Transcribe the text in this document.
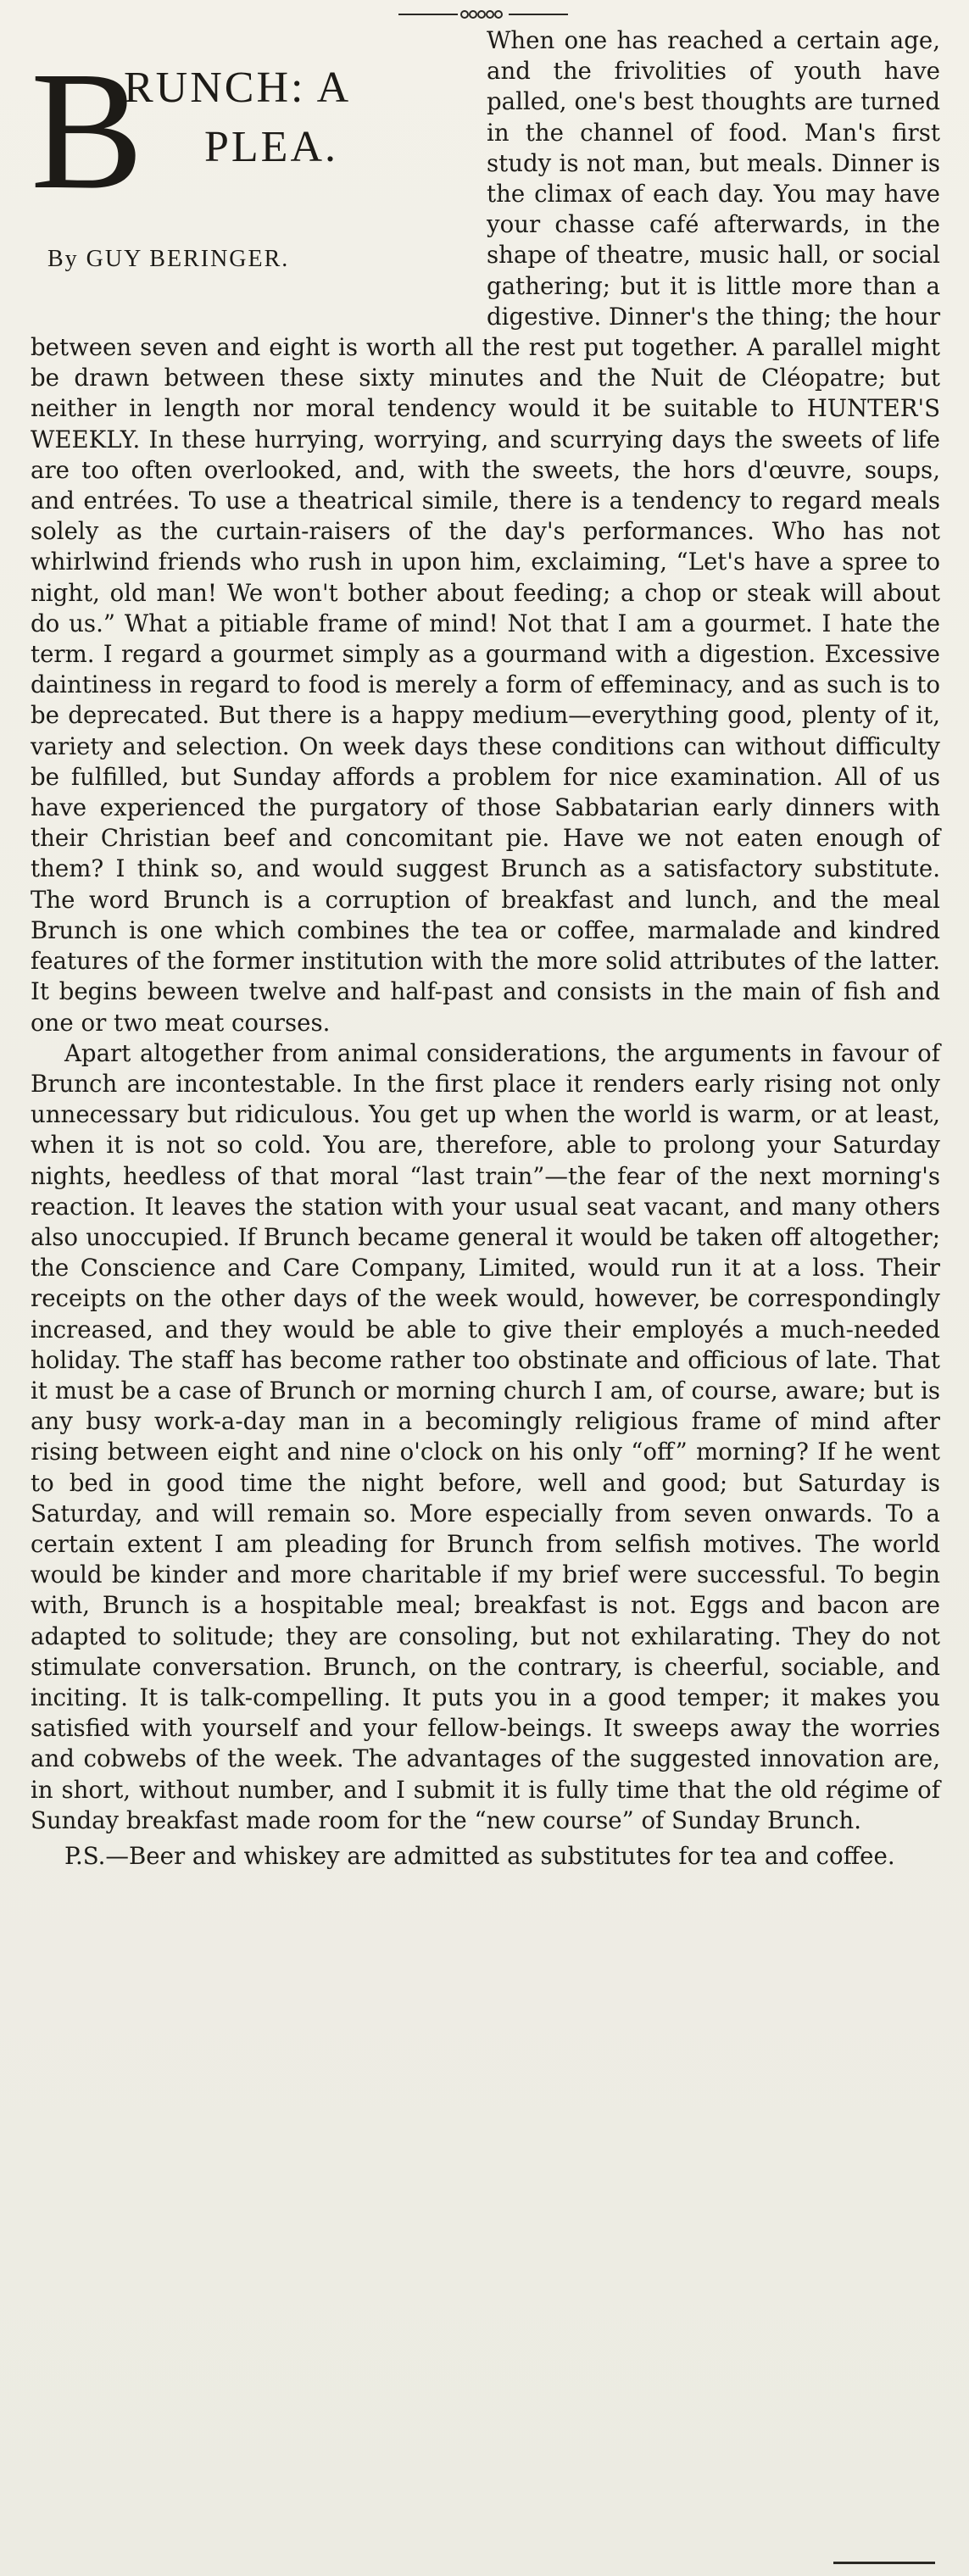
B
RUNCH: A
PLEA.
By GUY BERINGER.

When one has reached a certain age, and the frivolities of youth have palled, one's best thoughts are turned in the channel of food. Man's first study is not man, but meals. Dinner is the climax of each day. You may have your chasse café afterwards, in the shape of theatre, music hall, or social gathering; but it is little more than a digestive. Dinner's the thing; the hour between seven and eight is worth all the rest put together. A parallel might be drawn between these sixty minutes and the Nuit de Cléopatre; but neither in length nor moral tendency would it be suitable to HUNTER'S WEEKLY. In these hurrying, worrying, and scurrying days the sweets of life are too often overlooked, and, with the sweets, the hors d'œuvre, soups, and entrées. To use a theatrical simile, there is a tendency to regard meals solely as the curtain-raisers of the day's performances. Who has not whirlwind friends who rush in upon him, exclaiming, “Let's have a spree to night, old man! We won't bother about feeding; a chop or steak will about do us.” What a pitiable frame of mind! Not that I am a gourmet. I hate the term. I regard a gourmet simply as a gourmand with a digestion. Excessive daintiness in regard to food is merely a form of effeminacy, and as such is to be deprecated. But there is a happy medium—everything good, plenty of it, variety and selection. On week days these conditions can without difficulty be fulfilled, but Sunday affords a problem for nice examination. All of us have experienced the purgatory of those Sabbatarian early dinners with their Christian beef and concomitant pie. Have we not eaten enough of them? I think so, and would suggest Brunch as a satisfactory substitute. The word Brunch is a corruption of breakfast and lunch, and the meal Brunch is one which combines the tea or coffee, marmalade and kindred features of the former institution with the more solid attributes of the latter. It begins beween twelve and half-past and consists in the main of fish and one or two meat courses.

Apart altogether from animal considerations, the arguments in favour of Brunch are incontestable. In the first place it renders early rising not only unnecessary but ridiculous. You get up when the world is warm, or at least, when it is not so cold. You are, therefore, able to prolong your Saturday nights, heedless of that moral “last train”—the fear of the next morning's reaction. It leaves the station with your usual seat vacant, and many others also unoccupied. If Brunch became general it would be taken off altogether; the Conscience and Care Company, Limited, would run it at a loss. Their receipts on the other days of the week would, however, be correspondingly increased, and they would be able to give their employés a much-needed holiday. The staff has become rather too obstinate and officious of late. That it must be a case of Brunch or morning church I am, of course, aware; but is any busy work-a-day man in a becomingly religious frame of mind after rising between eight and nine o'clock on his only “off” morning? If he went to bed in good time the night before, well and good; but Saturday is Saturday, and will remain so. More especially from seven onwards. To a certain extent I am pleading for Brunch from selfish motives. The world would be kinder and more charitable if my brief were successful. To begin with, Brunch is a hospitable meal; breakfast is not. Eggs and bacon are adapted to solitude; they are consoling, but not exhilarating. They do not stimulate conversation. Brunch, on the contrary, is cheerful, sociable, and inciting. It is talk-compelling. It puts you in a good temper; it makes you satisfied with yourself and your fellow-beings. It sweeps away the worries and cobwebs of the week. The advantages of the suggested innovation are, in short, without number, and I submit it is fully time that the old régime of Sunday breakfast made room for the “new course” of Sunday Brunch.

P.S.—Beer and whiskey are admitted as substitutes for tea and coffee.
